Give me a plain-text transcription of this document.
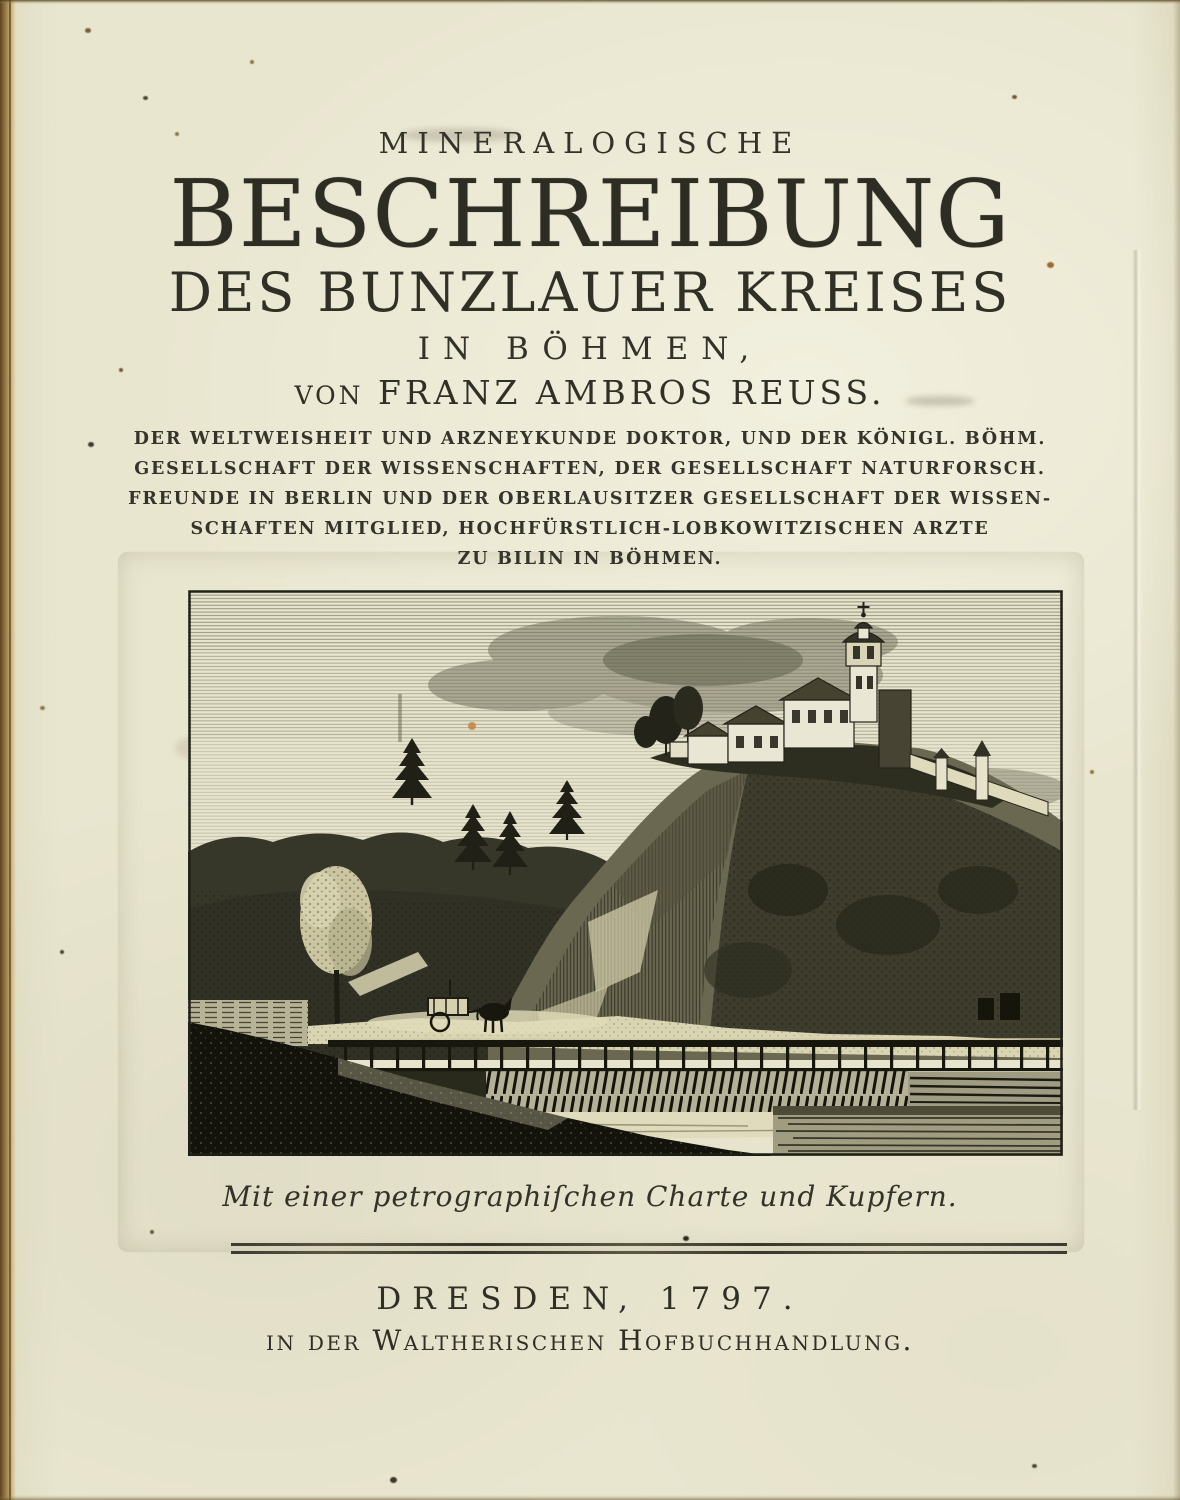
MINERALOGISCHE
BESCHREIBUNG
DES BUNZLAUER KREISES
IN BÖHMEN,
VON FRANZ AMBROS REUSS.
DER WELTWEISHEIT UND ARZNEYKUNDE DOKTOR, UND DER KÖNIGL. BÖHM.
GESELLSCHAFT DER WISSENSCHAFTEN, DER GESELLSCHAFT NATURFORSCH.
FREUNDE IN BERLIN UND DER OBERLAUSITZER GESELLSCHAFT DER WISSEN-
SCHAFTEN MITGLIED, HOCHFÜRSTLICH-LOBKOWITZISCHEN ARZTE
ZU BILIN IN BÖHMEN.
Mit einer petrographiſchen Charte und Kupfern.
DRESDEN, 1797.
in der Waltherischen Hofbuchhandlung.
